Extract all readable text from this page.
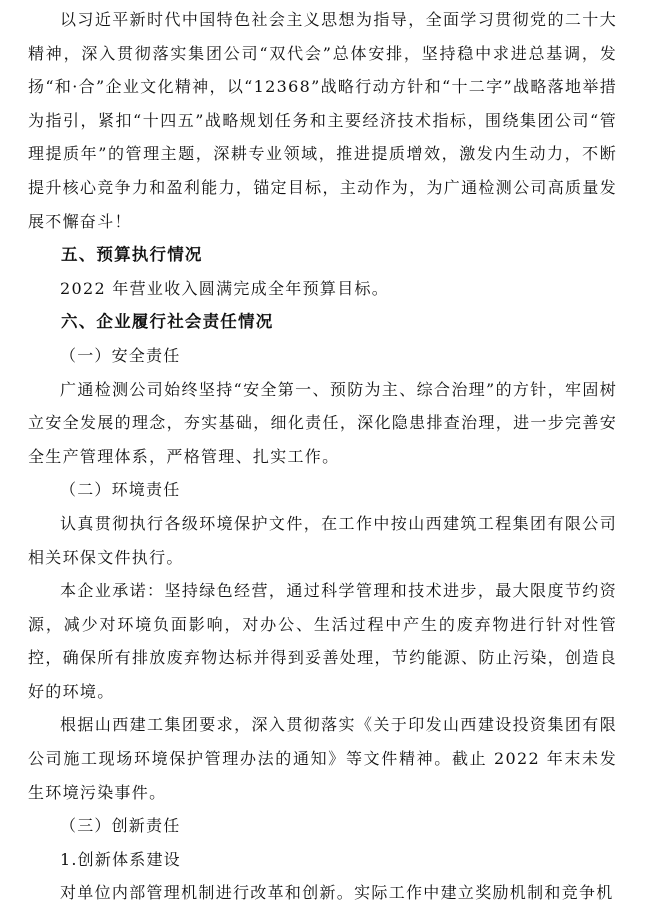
以习近平新时代中国特色社会主义思想为指导，全面学习贯彻党的二十大精神，深入贯彻落实集团公司“双代会”总体安排，坚持稳中求进总基调，发扬“和·合”企业文化精神，以“12368”战略行动方针和“十二字”战略落地举措为指引，紧扣“十四五”战略规划任务和主要经济技术指标，围绕集团公司“管理提质年”的管理主题，深耕专业领域，推进提质增效，激发内生动力，不断提升核心竞争力和盈利能力，锚定目标，主动作为，为广通检测公司高质量发展不懈奋斗！

五、预算执行情况

2022 年营业收入圆满完成全年预算目标。

六、企业履行社会责任情况

（一）安全责任

广通检测公司始终坚持“安全第一、预防为主、综合治理”的方针，牢固树立安全发展的理念，夯实基础，细化责任，深化隐患排查治理，进一步完善安全生产管理体系，严格管理、扎实工作。

（二）环境责任

认真贯彻执行各级环境保护文件，在工作中按山西建筑工程集团有限公司相关环保文件执行。

本企业承诺：坚持绿色经营，通过科学管理和技术进步，最大限度节约资源，减少对环境负面影响，对办公、生活过程中产生的废弃物进行针对性管控，确保所有排放废弃物达标并得到妥善处理，节约能源、防止污染，创造良好的环境。

根据山西建工集团要求，深入贯彻落实《关于印发山西建设投资集团有限公司施工现场环境保护管理办法的通知》等文件精神。截止 2022 年末未发生环境污染事件。

（三）创新责任

1.创新体系建设

对单位内部管理机制进行改革和创新。实际工作中建立奖励机制和竞争机
